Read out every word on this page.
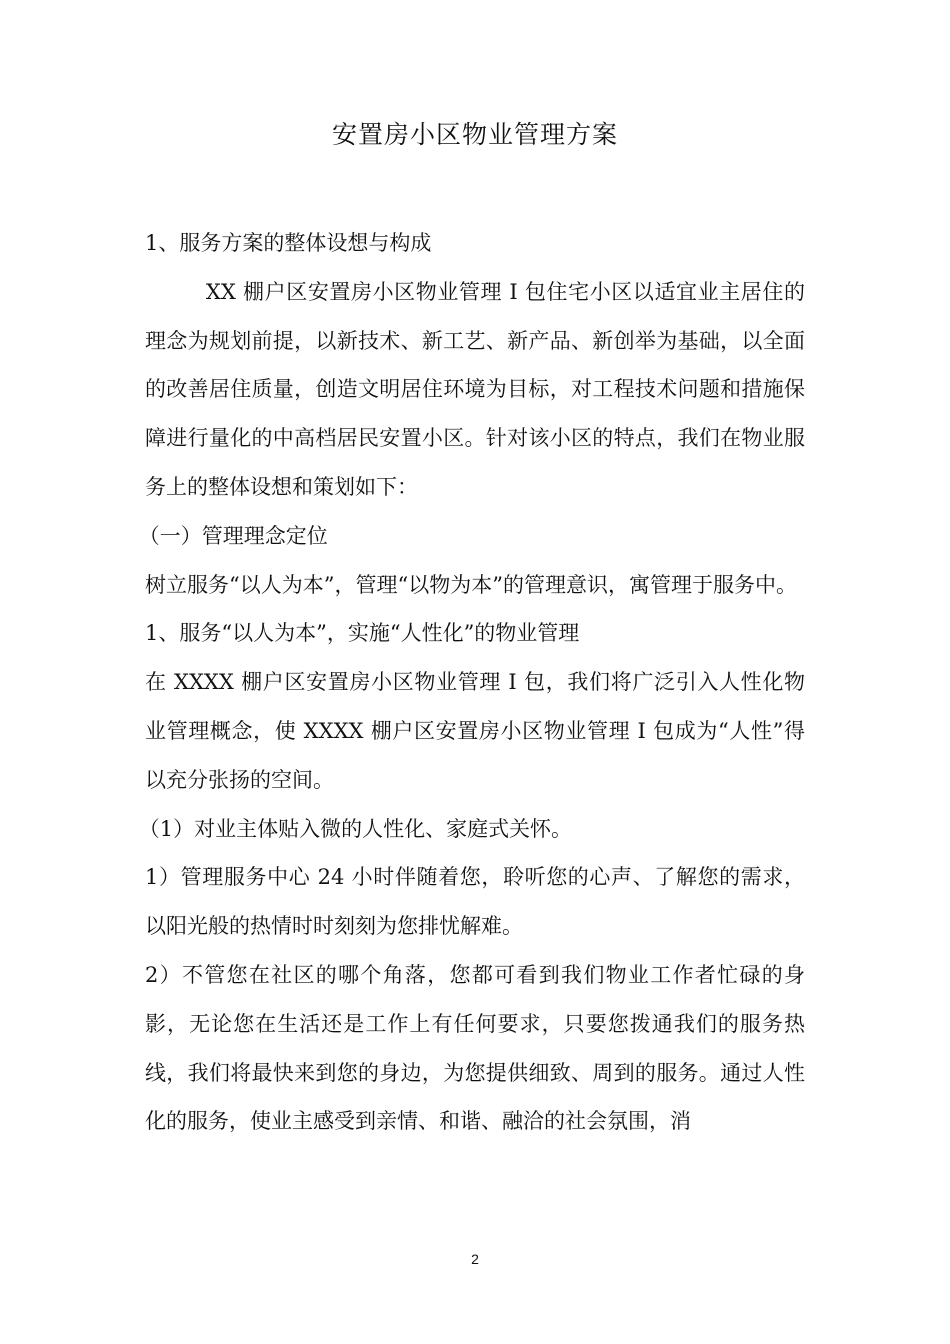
安置房小区物业管理方案

1、服务方案的整体设想与构成

XX 棚户区安置房小区物业管理 I 包住宅小区以适宜业主居住的理念为规划前提，以新技术、新工艺、新产品、新创举为基础，以全面的改善居住质量，创造文明居住环境为目标，对工程技术问题和措施保障进行量化的中高档居民安置小区。针对该小区的特点，我们在物业服务上的整体设想和策划如下：

（一）管理理念定位

树立服务“以人为本”，管理“以物为本”的管理意识，寓管理于服务中。

1、服务“以人为本”，实施“人性化”的物业管理

在 XXXX 棚户区安置房小区物业管理 I 包，我们将广泛引入人性化物业管理概念，使 XXXX 棚户区安置房小区物业管理 I 包成为“人性”得以充分张扬的空间。

（1）对业主体贴入微的人性化、家庭式关怀。

1）管理服务中心 24 小时伴随着您，聆听您的心声、了解您的需求，以阳光般的热情时时刻刻为您排忧解难。

2）不管您在社区的哪个角落，您都可看到我们物业工作者忙碌的身影，无论您在生活还是工作上有任何要求，只要您拨通我们的服务热线，我们将最快来到您的身边，为您提供细致、周到的服务。通过人性化的服务，使业主感受到亲情、和谐、融洽的社会氛围，消

2
